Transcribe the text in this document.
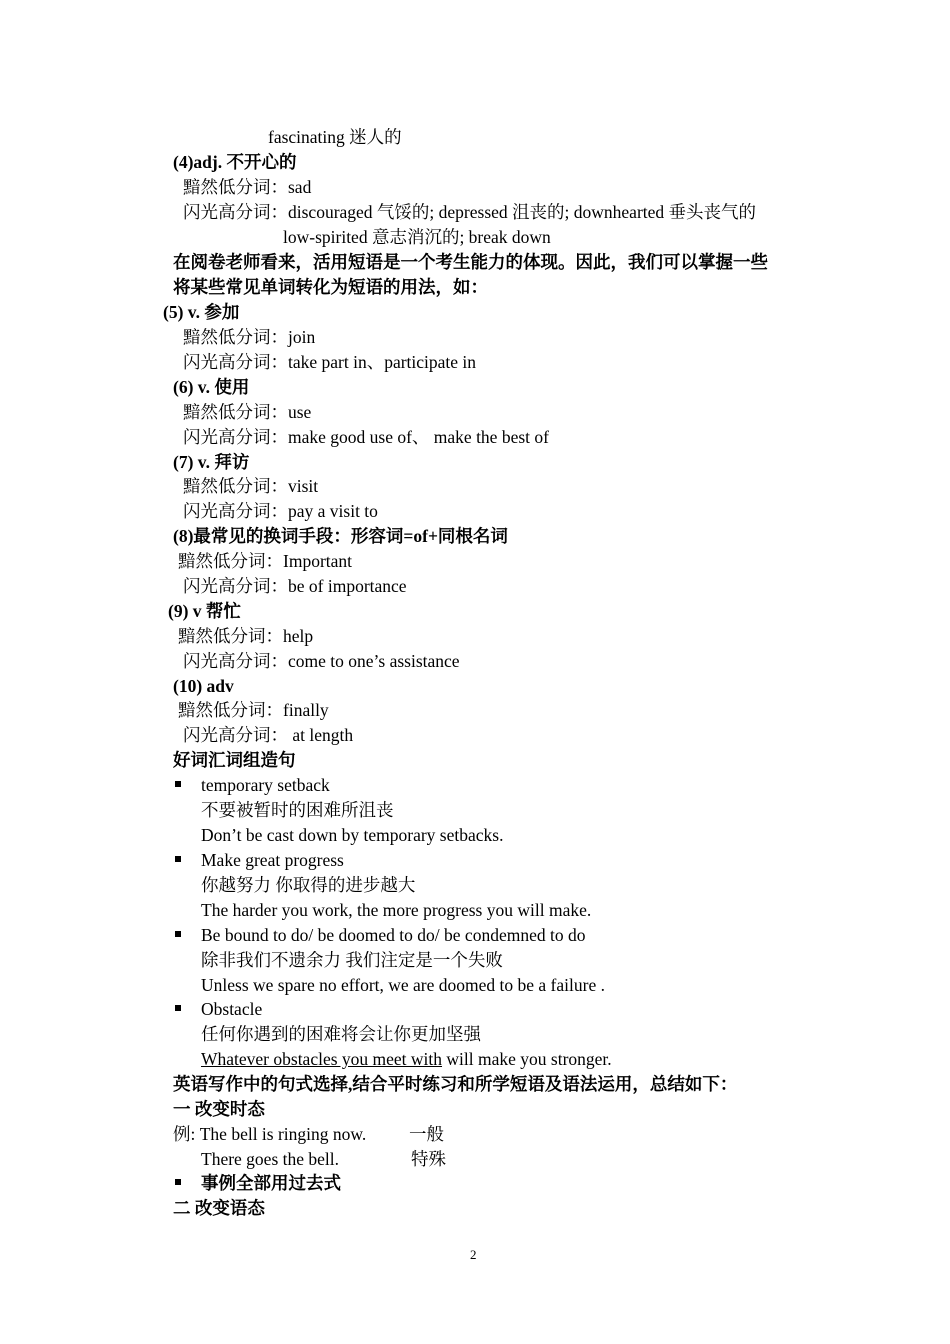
fascinating 迷人的
(4)adj. 不开心的
黯然低分词：sad
闪光高分词：discouraged 气馁的; depressed 沮丧的; downhearted 垂头丧气的
low-spirited 意志消沉的; break down
在阅卷老师看来，活用短语是一个考生能力的体现。因此，我们可以掌握一些
将某些常见单词转化为短语的用法，如：
(5) v. 参加
黯然低分词：join
闪光高分词：take part in、participate in
(6) v. 使用
黯然低分词：use
闪光高分词：make good use of、 make the best of
(7) v. 拜访
黯然低分词：visit
闪光高分词：pay a visit to
(8)最常见的换词手段：形容词=of+同根名词
黯然低分词：Important
闪光高分词：be of importance
(9) v 帮忙
黯然低分词：help
闪光高分词：come to one’s assistance
(10) adv
黯然低分词：finally
闪光高分词： at length
好词汇词组造句
temporary setback
不要被暂时的困难所沮丧
Don’t be cast down by temporary setbacks.
Make great progress
你越努力 你取得的进步越大
The harder you work, the more progress you will make.
Be bound to do/ be doomed to do/ be condemned to do
除非我们不遗余力 我们注定是一个失败
Unless we spare no effort, we are doomed to be a failure .
Obstacle
任何你遇到的困难将会让你更加坚强
Whatever obstacles you meet with will make you stronger.
英语写作中的句式选择,结合平时练习和所学短语及语法运用，总结如下：
一 改变时态
例: The bell is ringing now. 一般
There goes the bell.	特殊
事例全部用过去式
二 改变语态
2
